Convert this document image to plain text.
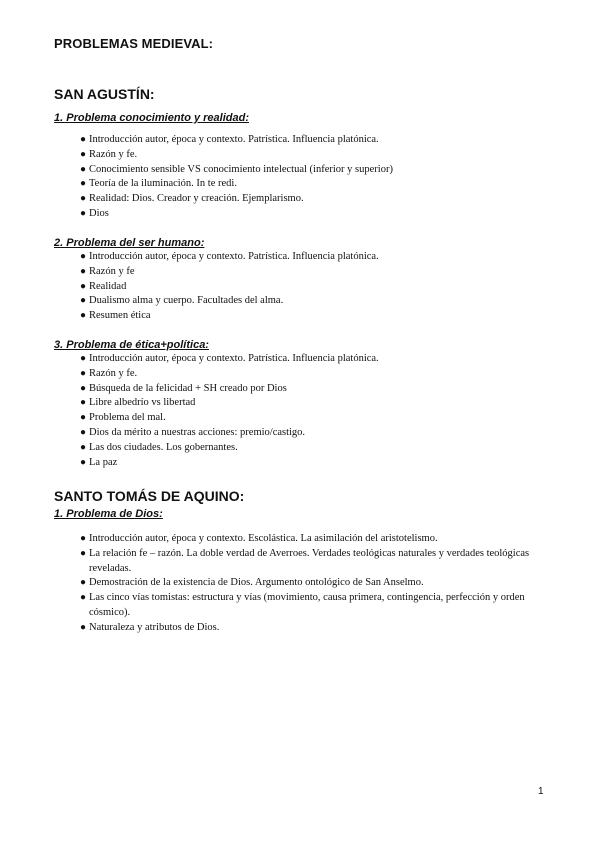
PROBLEMAS MEDIEVAL:
SAN AGUSTÍN:
1. Problema conocimiento y realidad:
● Introducción autor, época y contexto. Patrística. Influencia platónica.
● Razón y fe.
● Conocimiento sensible VS conocimiento intelectual (inferior y superior)
● Teoría de la iluminación. In te redi.
● Realidad: Dios. Creador y creación. Ejemplarismo.
● Dios
2. Problema del ser humano:
● Introducción autor, época y contexto. Patrística. Influencia platónica.
● Razón y fe
● Realidad
● Dualismo alma y cuerpo. Facultades del alma.
● Resumen ética
3. Problema de ética+política:
● Introducción autor, época y contexto. Patrística. Influencia platónica.
● Razón y fe.
● Búsqueda de la felicidad + SH creado por Dios
● Libre albedrío vs libertad
● Problema del mal.
● Dios da mérito a nuestras acciones: premio/castigo.
● Las dos ciudades. Los gobernantes.
● La paz
SANTO TOMÁS DE AQUINO:
1. Problema de Dios:
● Introducción autor, época y contexto. Escolástica. La asimilación del aristotelismo.
● La relación fe – razón. La doble verdad de Averroes. Verdades teológicas naturales y verdades teológicas reveladas.
● Demostración de la existencia de Dios. Argumento ontológico de San Anselmo.
● Las cinco vías tomistas: estructura y vías (movimiento, causa primera, contingencia, perfección y orden cósmico).
● Naturaleza y atributos de Dios.
1
